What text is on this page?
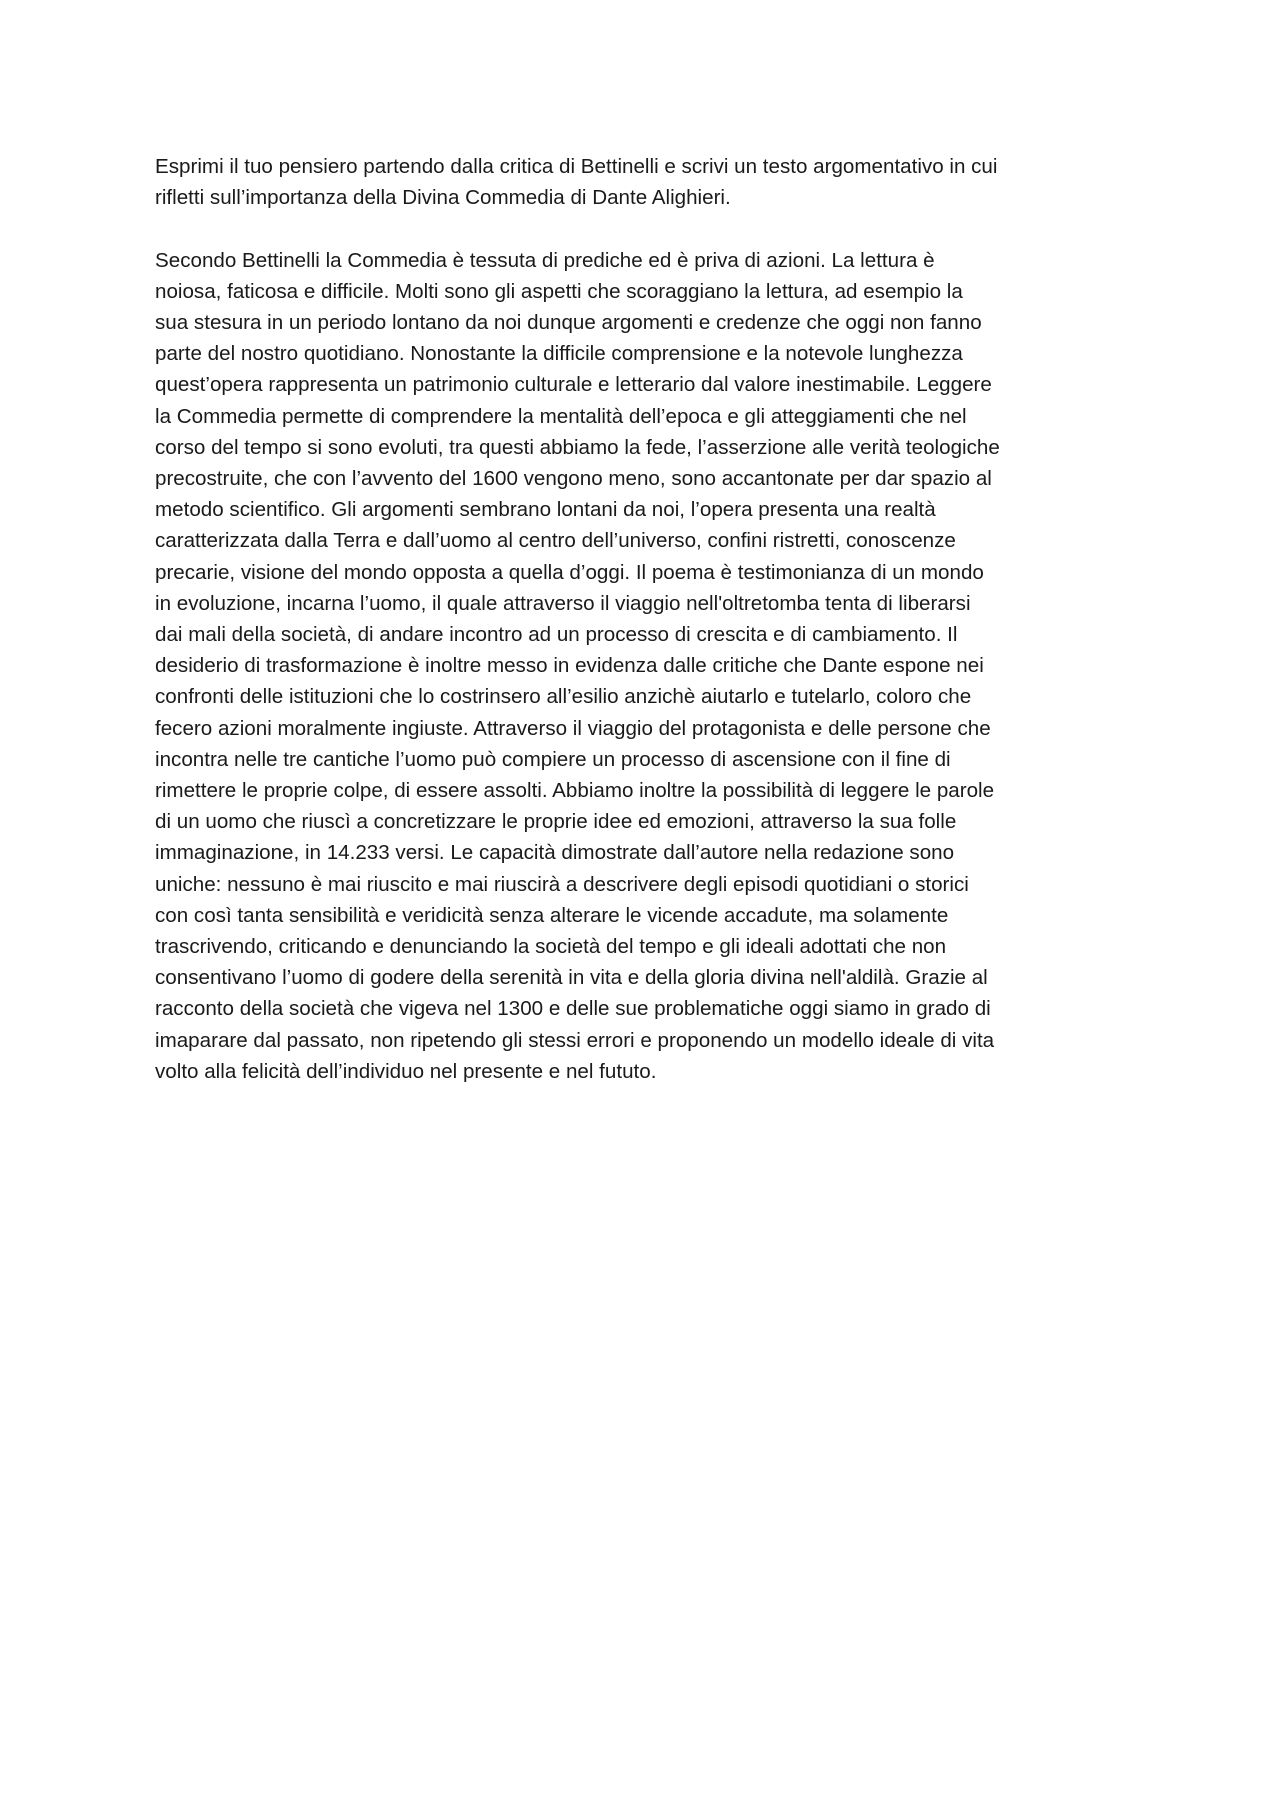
Esprimi il tuo pensiero partendo dalla critica di Bettinelli e scrivi un testo argomentativo in cui
rifletti sull’importanza della Divina Commedia di Dante Alighieri.
Secondo Bettinelli la Commedia è tessuta di prediche ed è priva di azioni. La lettura è
noiosa, faticosa e difficile. Molti sono gli aspetti che scoraggiano la lettura, ad esempio la
sua stesura in un periodo lontano da noi dunque argomenti e credenze che oggi non fanno
parte del nostro quotidiano. Nonostante la difficile comprensione e la notevole lunghezza
quest’opera rappresenta un patrimonio culturale e letterario dal valore inestimabile. Leggere
la Commedia permette di comprendere la mentalità dell’epoca e gli atteggiamenti che nel
corso del tempo si sono evoluti, tra questi abbiamo la fede, l’asserzione alle verità teologiche
precostruite, che con l’avvento del 1600 vengono meno, sono accantonate per dar spazio al
metodo scientifico. Gli argomenti sembrano lontani da noi, l’opera presenta una realtà
caratterizzata dalla Terra e dall’uomo al centro dell’universo, confini ristretti, conoscenze
precarie, visione del mondo opposta a quella d’oggi. Il poema è testimonianza di un mondo
in evoluzione, incarna l’uomo, il quale attraverso il viaggio nell'oltretomba tenta di liberarsi
dai mali della società, di andare incontro ad un processo di crescita e di cambiamento. Il
desiderio di trasformazione è inoltre messo in evidenza dalle critiche che Dante espone nei
confronti delle istituzioni che lo costrinsero all’esilio anzichè aiutarlo e tutelarlo, coloro che
fecero azioni moralmente ingiuste. Attraverso il viaggio del protagonista e delle persone che
incontra nelle tre cantiche l’uomo può compiere un processo di ascensione con il fine di
rimettere le proprie colpe, di essere assolti. Abbiamo inoltre la possibilità di leggere le parole
di un uomo che riuscì a concretizzare le proprie idee ed emozioni, attraverso la sua folle
immaginazione, in 14.233 versi. Le capacità dimostrate dall’autore nella redazione sono
uniche: nessuno è mai riuscito e mai riuscirà a descrivere degli episodi quotidiani o storici
con così tanta sensibilità e veridicità senza alterare le vicende accadute, ma solamente
trascrivendo, criticando e denunciando la società del tempo e gli ideali adottati che non
consentivano l’uomo di godere della serenità in vita e della gloria divina nell'aldilà. Grazie al
racconto della società che vigeva nel 1300 e delle sue problematiche oggi siamo in grado di
imaparare dal passato, non ripetendo gli stessi errori e proponendo un modello ideale di vita
volto alla felicità dell’individuo nel presente e nel fututo.
